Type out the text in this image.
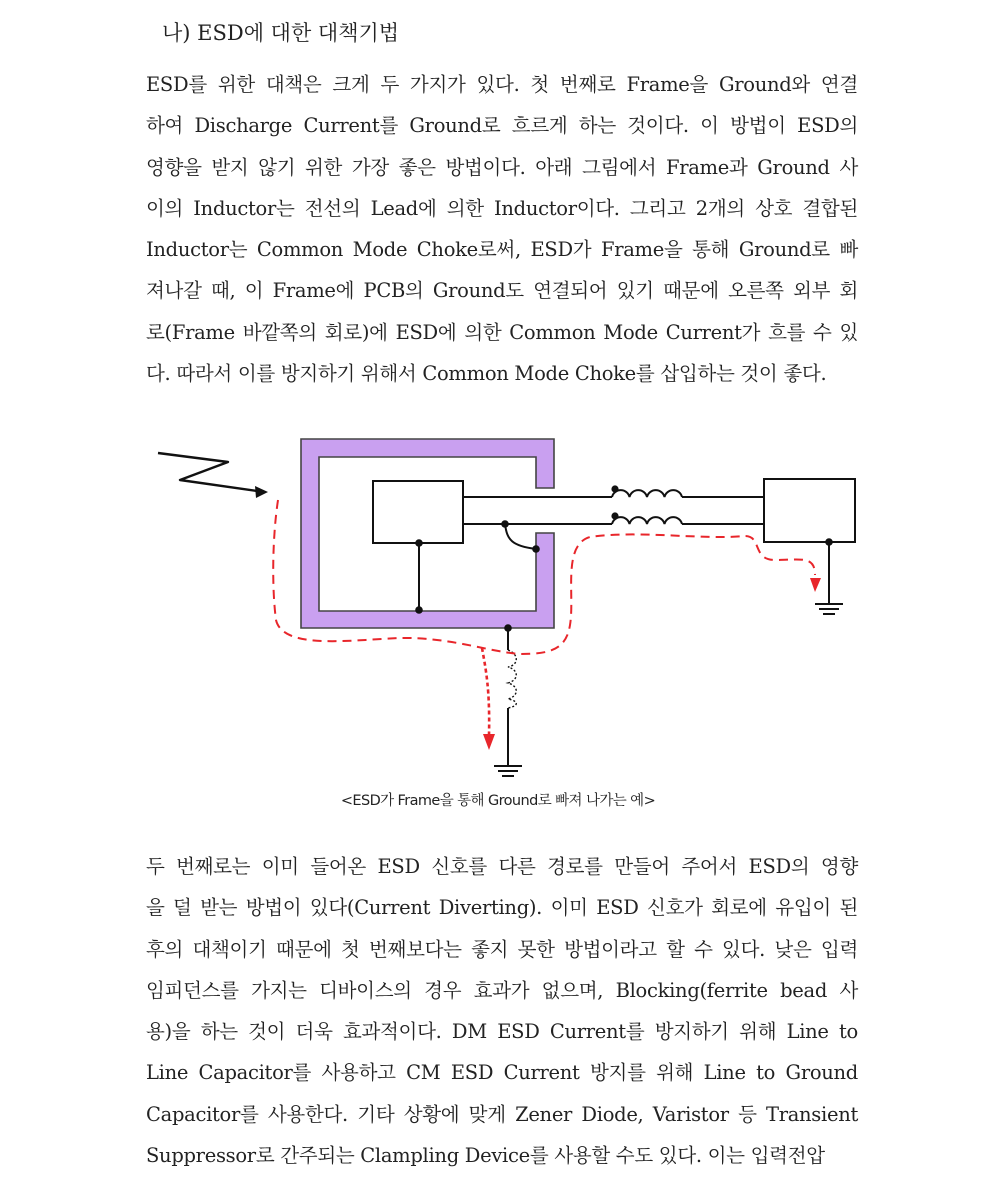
나) ESD에 대한 대책기법
ESD를 위한 대책은 크게 두 가지가 있다. 첫 번째로 Frame을 Ground와 연결
하여 Discharge Current를 Ground로 흐르게 하는 것이다. 이 방법이 ESD의
영향을 받지 않기 위한 가장 좋은 방법이다. 아래 그림에서 Frame과 Ground 사
이의 Inductor는 전선의 Lead에 의한 Inductor이다. 그리고 2개의 상호 결합된
Inductor는 Common Mode Choke로써, ESD가 Frame을 통해 Ground로 빠
져나갈 때, 이 Frame에 PCB의 Ground도 연결되어 있기 때문에 오른쪽 외부 회
로(Frame 바깥쪽의 회로)에 ESD에 의한 Common Mode Current가 흐를 수 있
다. 따라서 이를 방지하기 위해서 Common Mode Choke를 삽입하는 것이 좋다.
<ESD가 Frame을 통해 Ground로 빠져 나가는 예>
두 번째로는 이미 들어온 ESD 신호를 다른 경로를 만들어 주어서 ESD의 영향
을 덜 받는 방법이 있다(Current Diverting). 이미 ESD 신호가 회로에 유입이 된
후의 대책이기 때문에 첫 번째보다는 좋지 못한 방법이라고 할 수 있다. 낮은 입력
임피던스를 가지는 디바이스의 경우 효과가 없으며, Blocking(ferrite bead 사
용)을 하는 것이 더욱 효과적이다. DM ESD Current를 방지하기 위해 Line to
Line Capacitor를 사용하고 CM ESD Current 방지를 위해 Line to Ground
Capacitor를 사용한다. 기타 상황에 맞게 Zener Diode, Varistor 등 Transient
Suppressor로 간주되는 Clampling Device를 사용할 수도 있다. 이는 입력전압
